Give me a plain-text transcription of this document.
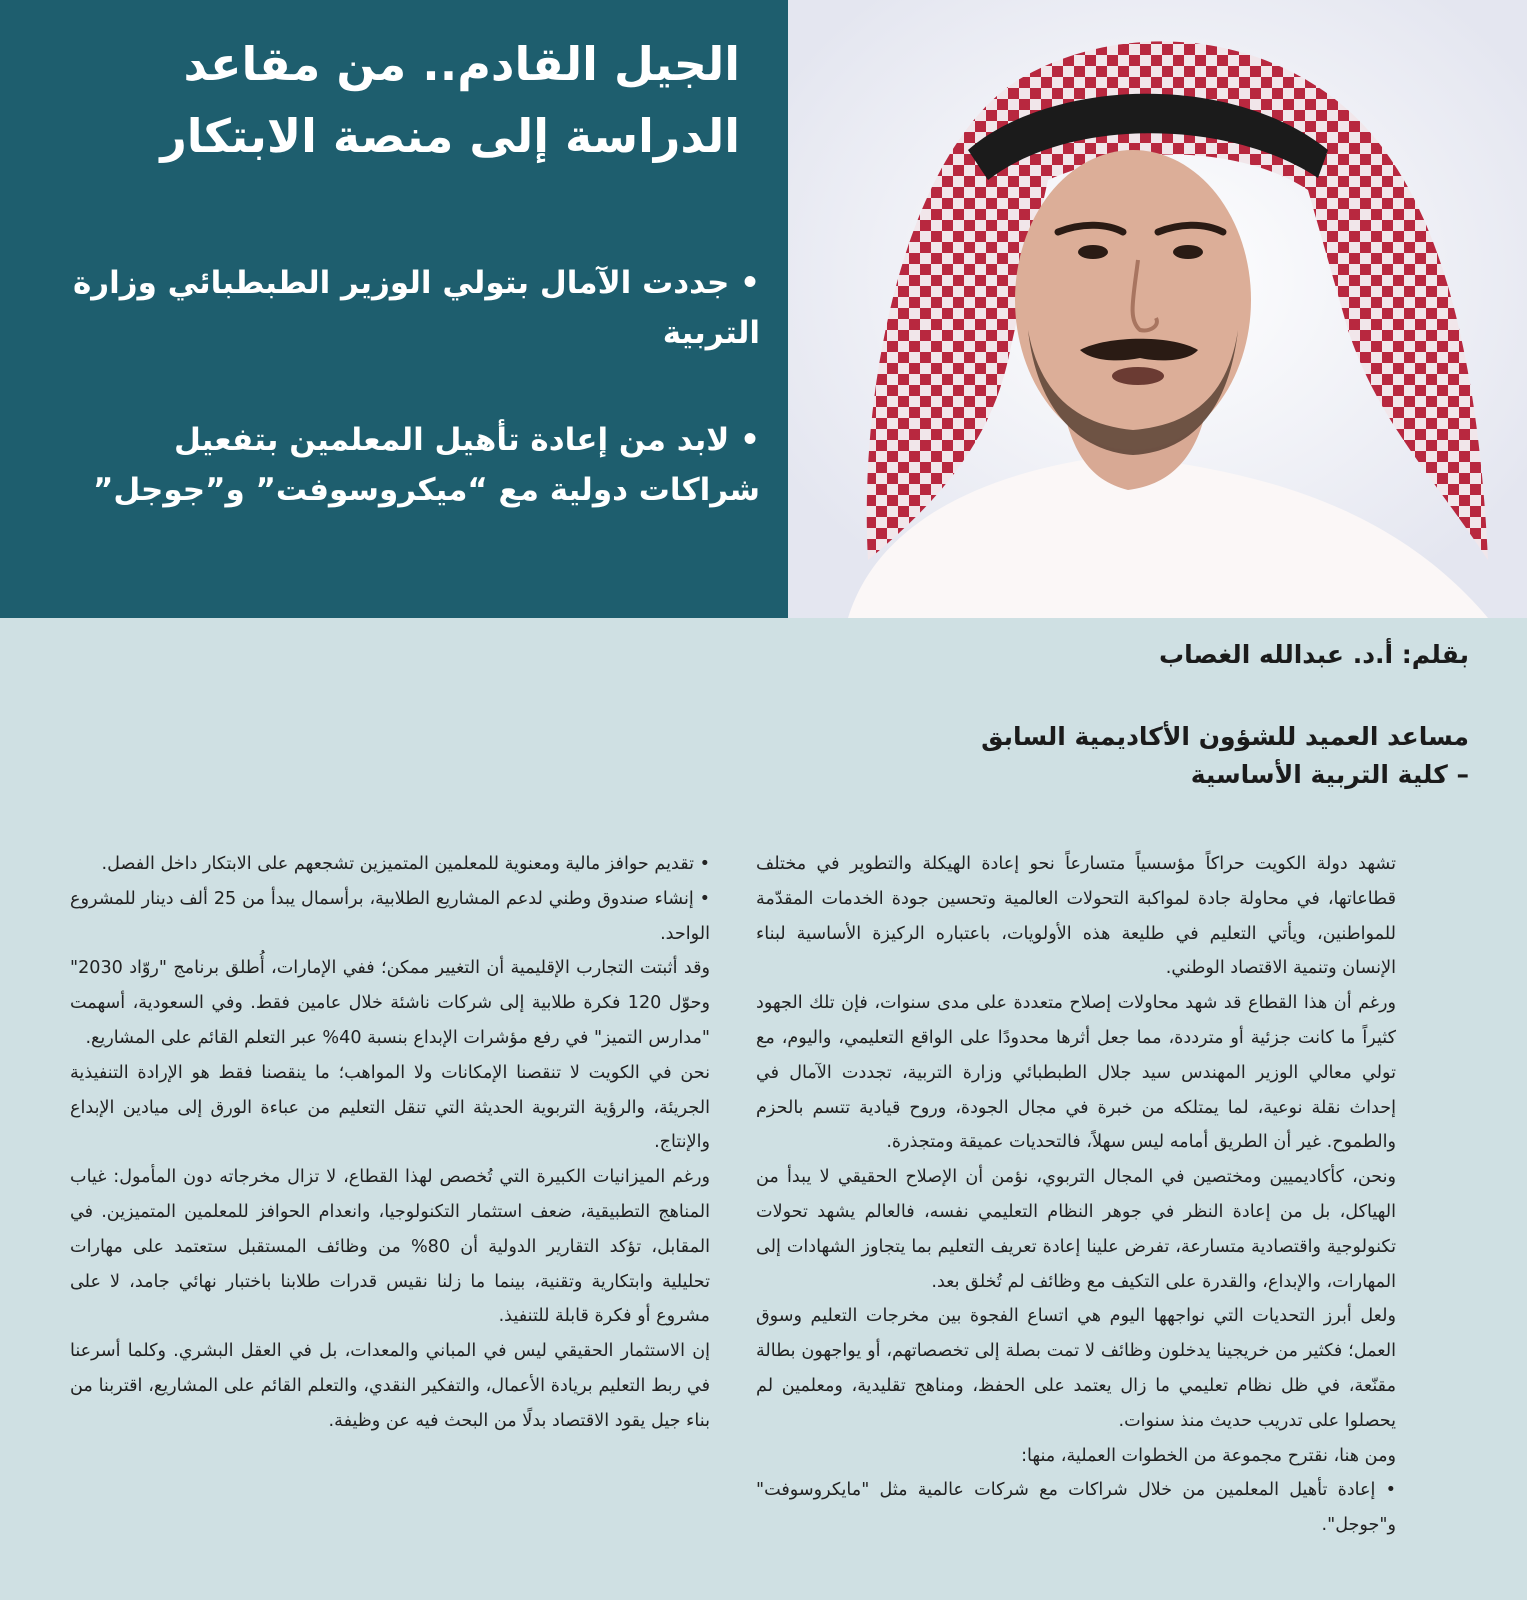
الجيل القادم.. من مقاعد
الدراسة إلى منصة الابتكار
• جددت الآمال بتولي الوزير الطبطبائي وزارة التربية
• لابد من إعادة تأهيل المعلمين بتفعيل شراكات دولية مع “ميكروسوفت” و”جوجل”
بقلم: أ.د. عبدالله الغصاب
مساعد العميد للشؤون الأكاديمية السابق
– كلية التربية الأساسية

تشهد دولة الكويت حراكاً مؤسسياً متسارعاً نحو إعادة الهيكلة والتطوير في مختلف قطاعاتها، في محاولة جادة لمواكبة التحولات العالمية وتحسين جودة الخدمات المقدّمة للمواطنين، ويأتي التعليم في طليعة هذه الأولويات، باعتباره الركيزة الأساسية لبناء الإنسان وتنمية الاقتصاد الوطني.

ورغم أن هذا القطاع قد شهد محاولات إصلاح متعددة على مدى سنوات، فإن تلك الجهود كثيراً ما كانت جزئية أو مترددة، مما جعل أثرها محدودًا على الواقع التعليمي، واليوم، مع تولي معالي الوزير المهندس سيد جلال الطبطبائي وزارة التربية، تجددت الآمال في إحداث نقلة نوعية، لما يمتلكه من خبرة في مجال الجودة، وروح قيادية تتسم بالحزم والطموح. غير أن الطريق أمامه ليس سهلاً، فالتحديات عميقة ومتجذرة.

ونحن، كأكاديميين ومختصين في المجال التربوي، نؤمن أن الإصلاح الحقيقي لا يبدأ من الهياكل، بل من إعادة النظر في جوهر النظام التعليمي نفسه، فالعالم يشهد تحولات تكنولوجية واقتصادية متسارعة، تفرض علينا إعادة تعريف التعليم بما يتجاوز الشهادات إلى المهارات، والإبداع، والقدرة على التكيف مع وظائف لم تُخلق بعد.

ولعل أبرز التحديات التي نواجهها اليوم هي اتساع الفجوة بين مخرجات التعليم وسوق العمل؛ فكثير من خريجينا يدخلون وظائف لا تمت بصلة إلى تخصصاتهم، أو يواجهون بطالة مقنّعة، في ظل نظام تعليمي ما زال يعتمد على الحفظ، ومناهج تقليدية، ومعلمين لم يحصلوا على تدريب حديث منذ سنوات.

ومن هنا، نقترح مجموعة من الخطوات العملية، منها:

• إعادة تأهيل المعلمين من خلال شراكات مع شركات عالمية مثل "مايكروسوفت" و"جوجل".

• تقديم حوافز مالية ومعنوية للمعلمين المتميزين تشجعهم على الابتكار داخل الفصل.

• إنشاء صندوق وطني لدعم المشاريع الطلابية، برأسمال يبدأ من 25 ألف دينار للمشروع الواحد.

وقد أثبتت التجارب الإقليمية أن التغيير ممكن؛ ففي الإمارات، أُطلق برنامج "روّاد 2030" وحوّل 120 فكرة طلابية إلى شركات ناشئة خلال عامين فقط. وفي السعودية، أسهمت "مدارس التميز" في رفع مؤشرات الإبداع بنسبة 40% عبر التعلم القائم على المشاريع.

نحن في الكويت لا تنقصنا الإمكانات ولا المواهب؛ ما ينقصنا فقط هو الإرادة التنفيذية الجريئة، والرؤية التربوية الحديثة التي تنقل التعليم من عباءة الورق إلى ميادين الإبداع والإنتاج.

ورغم الميزانيات الكبيرة التي تُخصص لهذا القطاع، لا تزال مخرجاته دون المأمول: غياب المناهج التطبيقية، ضعف استثمار التكنولوجيا، وانعدام الحوافز للمعلمين المتميزين. في المقابل، تؤكد التقارير الدولية أن 80% من وظائف المستقبل ستعتمد على مهارات تحليلية وابتكارية وتقنية، بينما ما زلنا نقيس قدرات طلابنا باختبار نهائي جامد، لا على مشروع أو فكرة قابلة للتنفيذ.

إن الاستثمار الحقيقي ليس في المباني والمعدات، بل في العقل البشري. وكلما أسرعنا في ربط التعليم بريادة الأعمال، والتفكير النقدي، والتعلم القائم على المشاريع، اقتربنا من بناء جيل يقود الاقتصاد بدلًا من البحث فيه عن وظيفة.
